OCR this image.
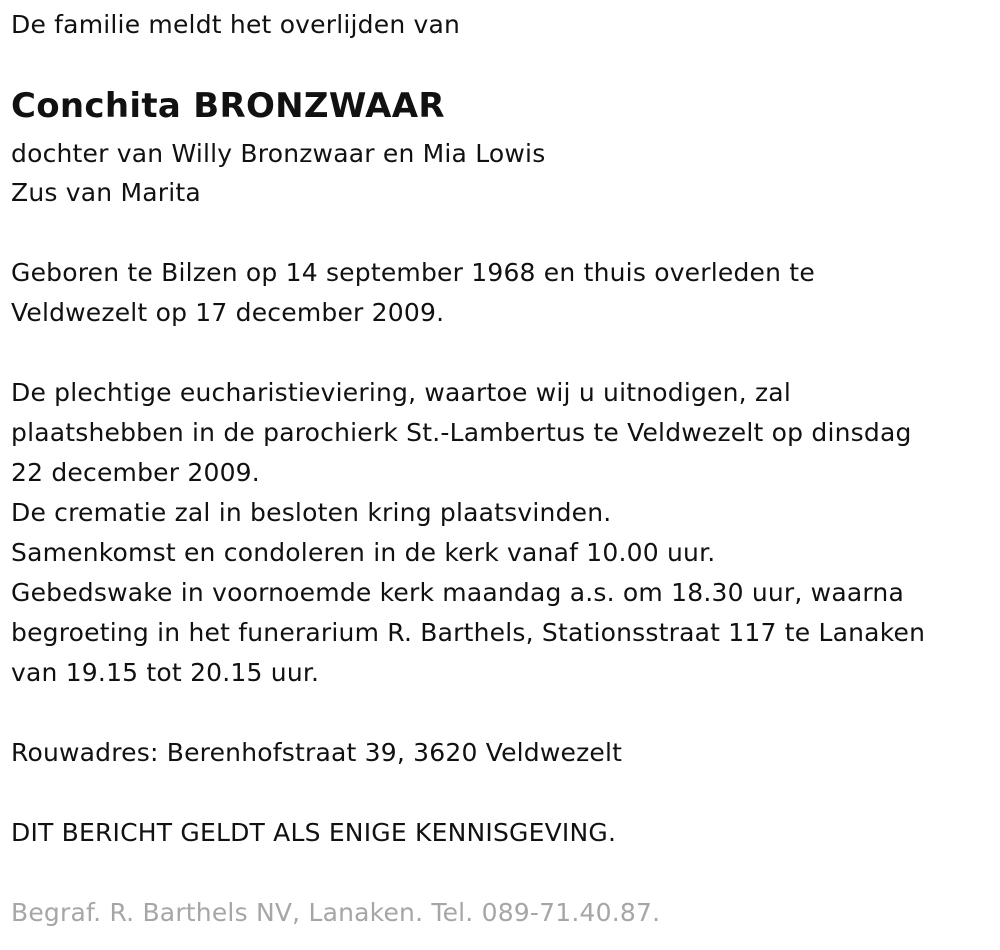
De familie meldt het overlijden van
Conchita BRONZWAAR
dochter van Willy Bronzwaar en Mia Lowis
Zus van Marita
Geboren te Bilzen op 14 september 1968 en thuis overleden te
Veldwezelt op 17 december 2009.
De plechtige eucharistieviering, waartoe wij u uitnodigen, zal
plaatshebben in de parochierk St.-Lambertus te Veldwezelt op dinsdag
22 december 2009.
De crematie zal in besloten kring plaatsvinden.
Samenkomst en condoleren in de kerk vanaf 10.00 uur.
Gebedswake in voornoemde kerk maandag a.s. om 18.30 uur, waarna
begroeting in het funerarium R. Barthels, Stationsstraat 117 te Lanaken
van 19.15 tot 20.15 uur.
Rouwadres: Berenhofstraat 39, 3620 Veldwezelt
DIT BERICHT GELDT ALS ENIGE KENNISGEVING.
Begraf. R. Barthels NV, Lanaken. Tel. 089-71.40.87.
